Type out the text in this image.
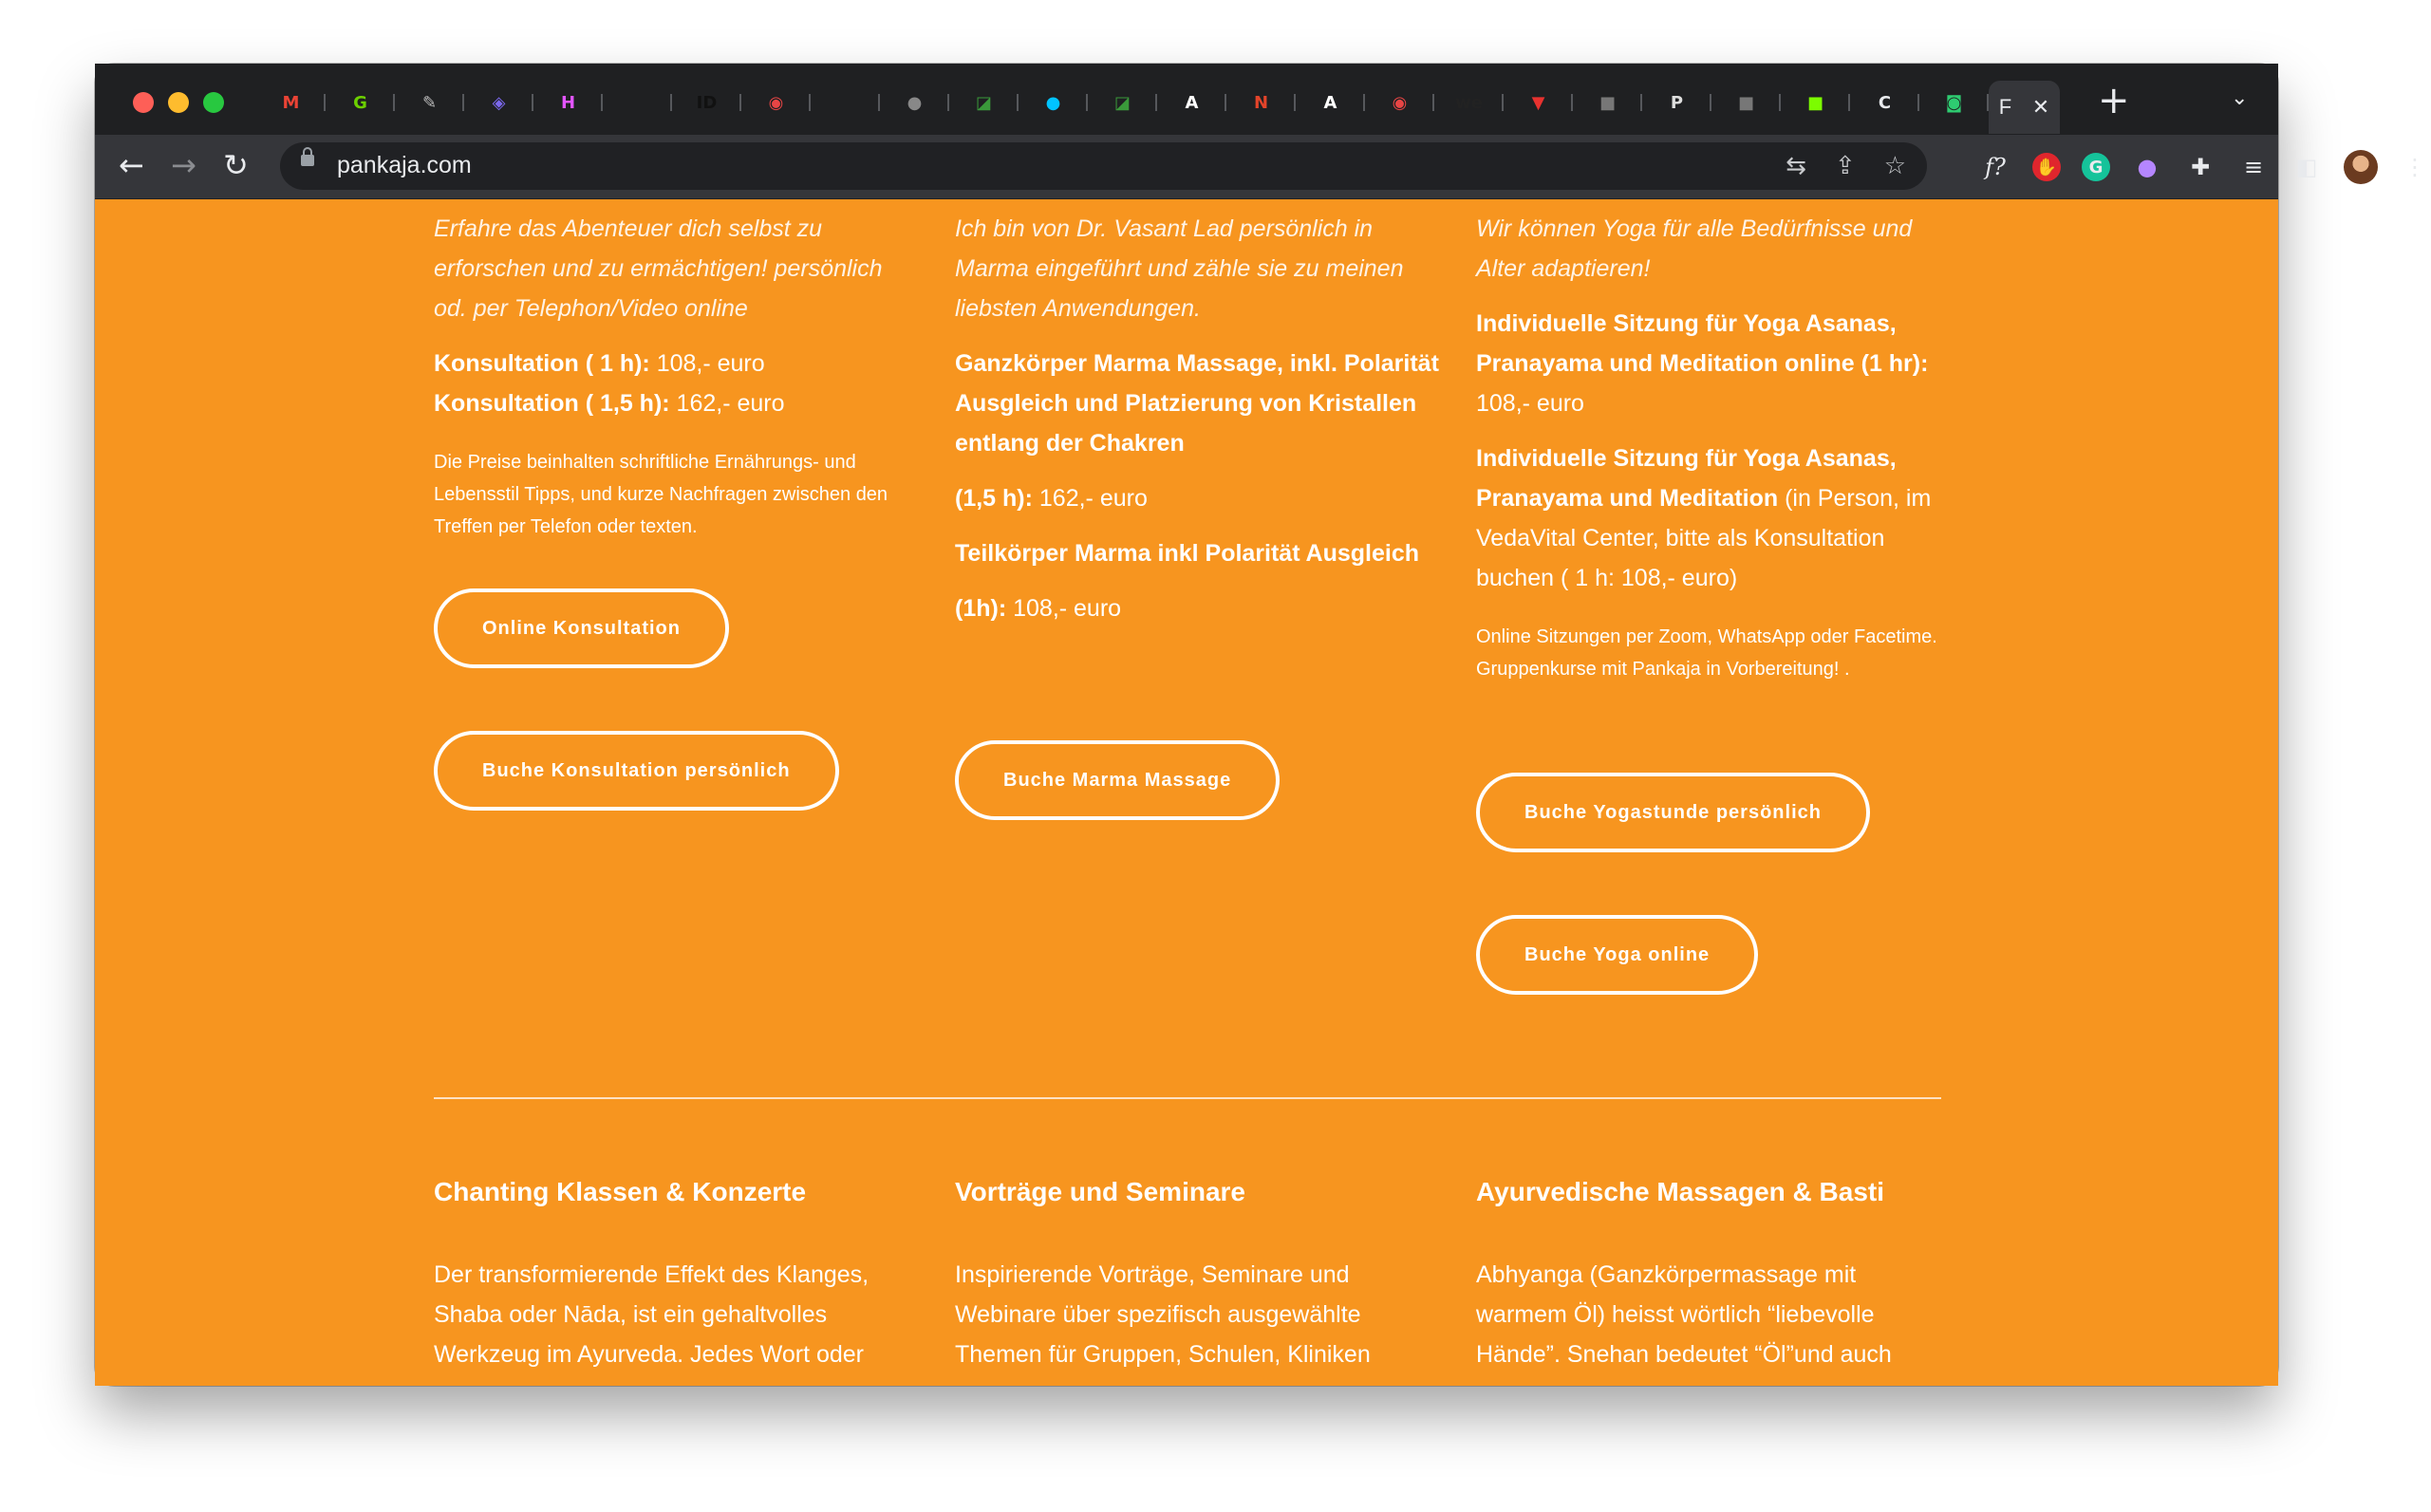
M	G	✎	◈	H	ID	◉	●	◪	●	◪	A	N	A	◉	we	▼	■	P	■	■	C	◙ F ✕ +	⌄
← → ↻	pankaja.com	⇆ ⇪ ☆	f?	✋	G	● ✚ ≡ ◧	⋮
Erfahre das Abenteuer dich selbst zu erforschen und zu ermächtigen! persönlich od. per Telephon/Video online
Konsultation ( 1 h): 108,- euro
Konsultation ( 1,5 h): 162,- euro
Die Preise beinhalten schriftliche Ernährungs- und Lebensstil Tipps, und kurze Nachfragen zwischen den Treffen per Telefon oder texten.
Online Konsultation
Buche Konsultation persönlich
Ich bin von Dr. Vasant Lad persönlich in Marma eingeführt und zähle sie zu meinen liebsten Anwendungen.
Ganzkörper Marma Massage, inkl. Polarität Ausgleich und Platzierung von Kristallen entlang der Chakren
(1,5 h): 162,- euro
Teilkörper Marma inkl Polarität Ausgleich
(1h): 108,- euro
Buche Marma Massage
Wir können Yoga für alle Bedürfnisse und Alter adaptieren!
Individuelle Sitzung für Yoga Asanas, Pranayama und Meditation online (1 hr): 108,- euro
Individuelle Sitzung für Yoga Asanas, Pranayama und Meditation (in Person, im VedaVital Center, bitte als Konsultation buchen ( 1 h: 108,- euro)
Online Sitzungen per Zoom, WhatsApp oder Facetime. Gruppenkurse mit Pankaja in Vorbereitung! .
Buche Yogastunde persönlich
Buche Yoga online
Chanting Klassen & Konzerte	Vorträge und Seminare	Ayurvedische Massagen & Basti
Der transformierende Effekt des Klanges, Shaba oder Nāda, ist ein gehaltvolles Werkzeug im Ayurveda. Jedes Wort oder
Inspirierende Vorträge, Seminare und Webinare über spezifisch ausgewählte Themen für Gruppen, Schulen, Kliniken
Abhyanga (Ganzkörpermassage mit warmem Öl) heisst wörtlich “liebevolle Hände”. Snehan bedeutet “Öl”und auch
